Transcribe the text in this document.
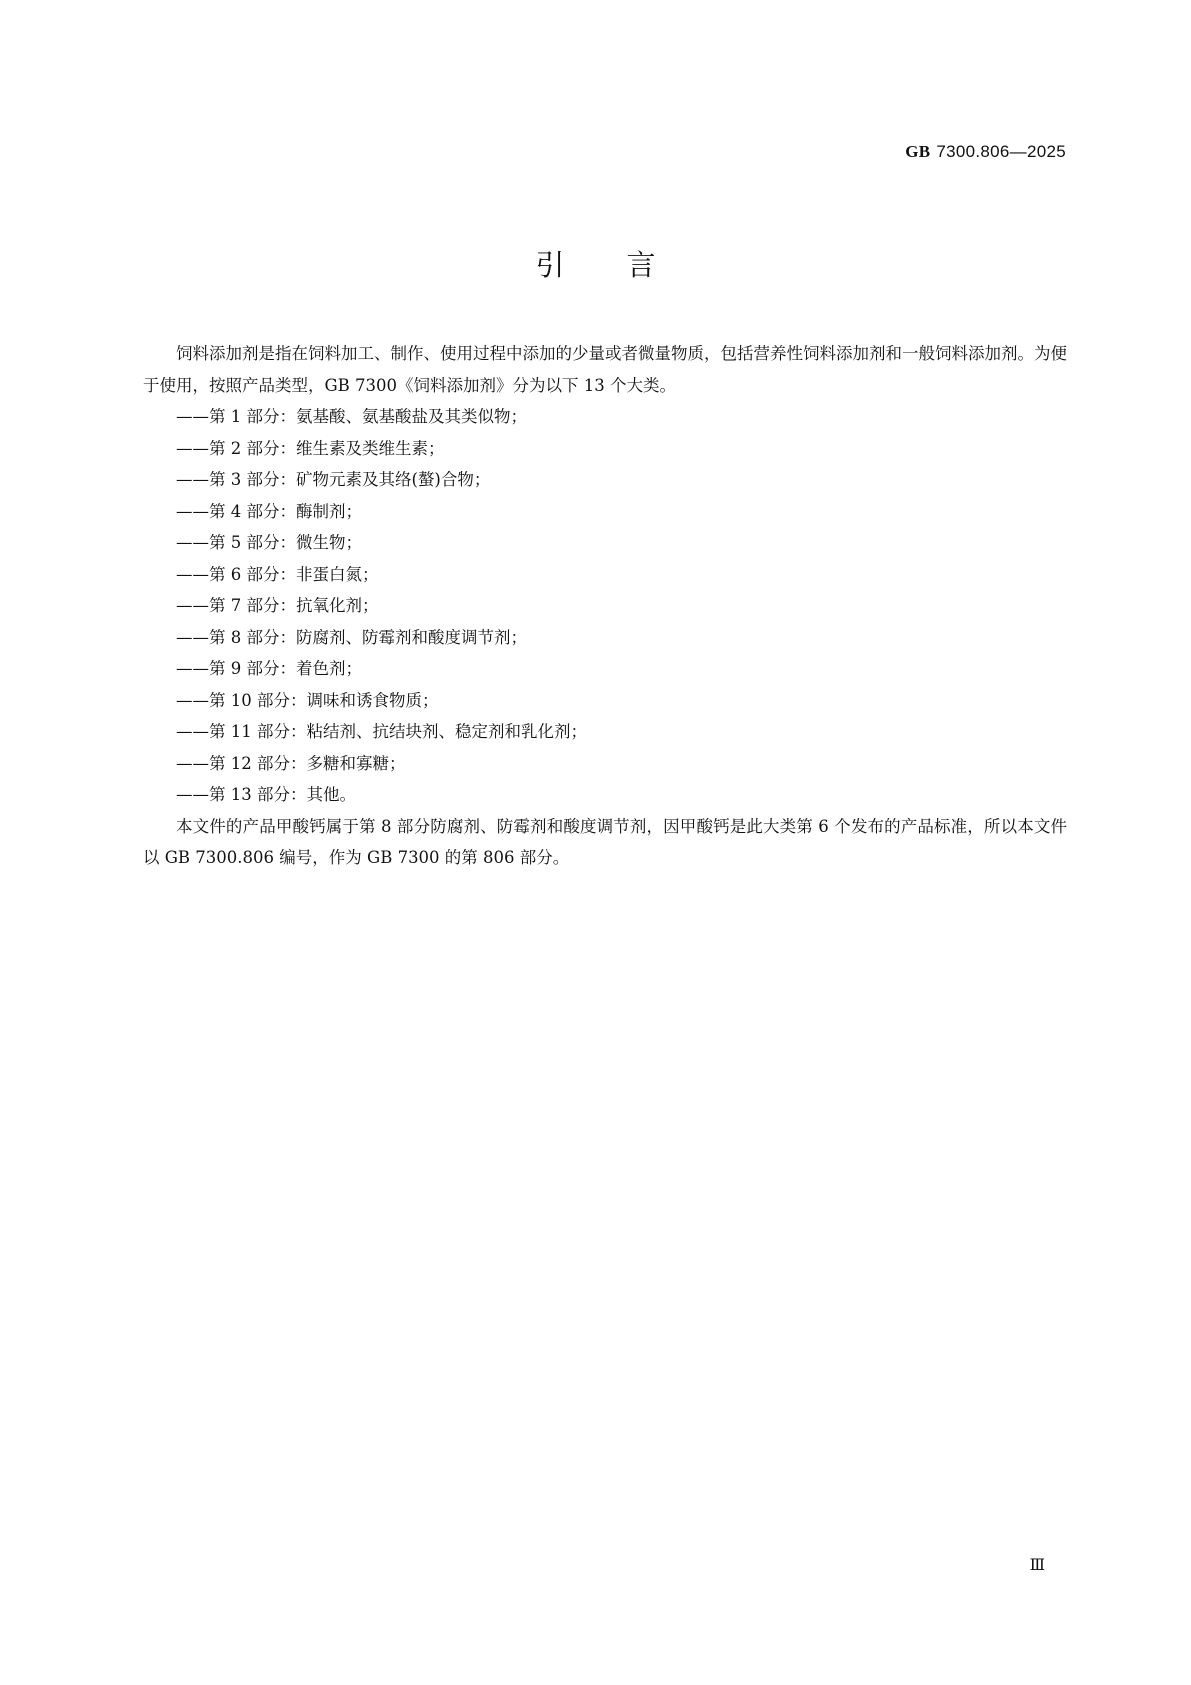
GB 7300.806—2025
引言

饲料添加剂是指在饲料加工、制作、使用过程中添加的少量或者微量物质，包括营养性饲料添加剂和一般饲料添加剂。为便于使用，按照产品类型，GB 7300《饲料添加剂》分为以下 13 个大类。

——第 1 部分：氨基酸、氨基酸盐及其类似物；
——第 2 部分：维生素及类维生素；
——第 3 部分：矿物元素及其络(螯)合物；
——第 4 部分：酶制剂；
——第 5 部分：微生物；
——第 6 部分：非蛋白氮；
——第 7 部分：抗氧化剂；
——第 8 部分：防腐剂、防霉剂和酸度调节剂；
——第 9 部分：着色剂；
——第 10 部分：调味和诱食物质；
——第 11 部分：粘结剂、抗结块剂、稳定剂和乳化剂；
——第 12 部分：多糖和寡糖；
——第 13 部分：其他。

本文件的产品甲酸钙属于第 8 部分防腐剂、防霉剂和酸度调节剂，因甲酸钙是此大类第 6 个发布的产品标准，所以本文件以 GB 7300.806 编号，作为 GB 7300 的第 806 部分。

Ⅲ
